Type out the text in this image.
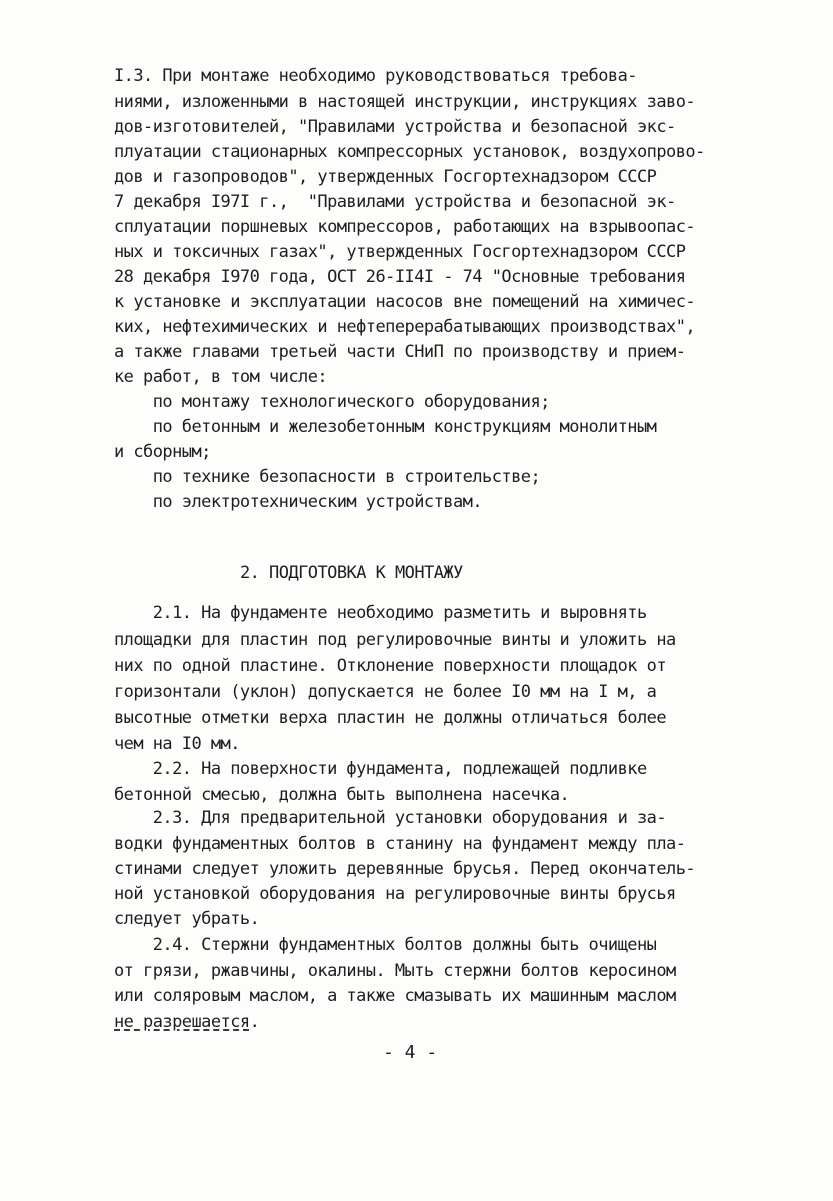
I.3. При монтаже необходимо руководствоваться требова-
ниями, изложенными в настоящей инструкции, инструкциях заво-
дов-изготовителей, "Правилами устройства и безопасной экс-
плуатации стационарных компрессорных установок, воздухопрово-
дов и газопроводов", утвержденных Госгортехнадзором СССР
7 декабря I97I г.,  "Правилами устройства и безопасной эк-
сплуатации поршневых компрессоров, работающих на взрывоопас-
ных и токсичных газах", утвержденных Госгортехнадзором СССР
28 декабря I970 года, ОСТ 26-II4I - 74 "Основные требования
к установке и эксплуатации насосов вне помещений на химичес-
ких, нефтехимических и нефтеперерабатывающих производствах",
а также главами третьей части СНиП по производству и прием-
ке работ, в том числе:
по монтажу технологического оборудования;
по бетонным и железобетонным конструкциям монолитным
и сборным;
по технике безопасности в строительстве;
по электротехническим устройствам.
2. ПОДГОТОВКА К МОНТАЖУ
2.1. На фундаменте необходимо разметить и выровнять
площадки для пластин под регулировочные винты и уложить на
них по одной пластине. Отклонение поверхности площадок от
горизонтали (уклон) допускается не более I0 мм на I м, а
высотные отметки верха пластин не должны отличаться более
чем на I0 мм.
2.2. На поверхности фундамента, подлежащей подливке
бетонной смесью, должна быть выполнена насечка.
2.3. Для предварительной установки оборудования и за-
водки фундаментных болтов в станину на фундамент между пла-
стинами следует уложить деревянные брусья. Перед окончатель-
ной установкой оборудования на регулировочные винты брусья
следует убрать.
2.4. Стержни фундаментных болтов должны быть очищены
от грязи, ржавчины, окалины. Мыть стержни болтов керосином
или соляровым маслом, а также смазывать их машинным маслом
не разрешается.
- 4 -
